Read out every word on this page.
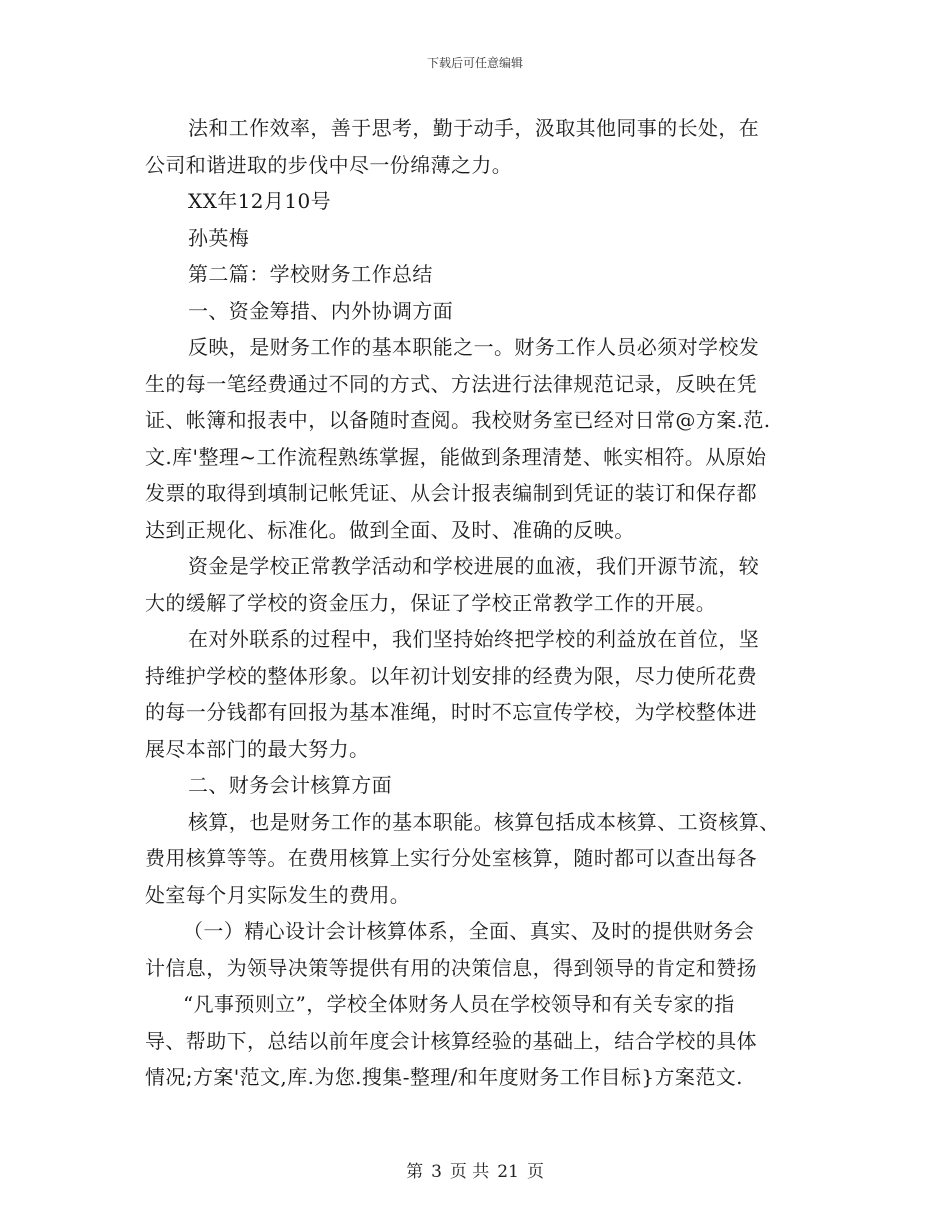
下载后可任意编辑
法和工作效率，善于思考，勤于动手，汲取其他同事的长处，在
公司和谐进取的步伐中尽一份绵薄之力。
XX年12月10号
孙英梅
第二篇：学校财务工作总结
一、资金筹措、内外协调方面
反映，是财务工作的基本职能之一。财务工作人员必须对学校发
生的每一笔经费通过不同的方式、方法进行法律规范记录，反映在凭
证、帐簿和报表中，以备随时查阅。我校财务室已经对日常@方案.范.
文.库'整理~工作流程熟练掌握，能做到条理清楚、帐实相符。从原始
发票的取得到填制记帐凭证、从会计报表编制到凭证的装订和保存都
达到正规化、标准化。做到全面、及时、准确的反映。
资金是学校正常教学活动和学校进展的血液，我们开源节流，较
大的缓解了学校的资金压力，保证了学校正常教学工作的开展。
在对外联系的过程中，我们坚持始终把学校的利益放在首位，坚
持维护学校的整体形象。以年初计划安排的经费为限，尽力使所花费
的每一分钱都有回报为基本准绳，时时不忘宣传学校，为学校整体进
展尽本部门的最大努力。
二、财务会计核算方面
核算，也是财务工作的基本职能。核算包括成本核算、工资核算、
费用核算等等。在费用核算上实行分处室核算，随时都可以查出每各
处室每个月实际发生的费用。
（一）精心设计会计核算体系，全面、真实、及时的提供财务会
计信息，为领导决策等提供有用的决策信息，得到领导的肯定和赞扬
“凡事预则立”，学校全体财务人员在学校领导和有关专家的指
导、帮助下，总结以前年度会计核算经验的基础上，结合学校的具体
情况;方案'范文,库.为您.搜集-整理/和年度财务工作目标}方案范文.
第 3 页 共 21 页
